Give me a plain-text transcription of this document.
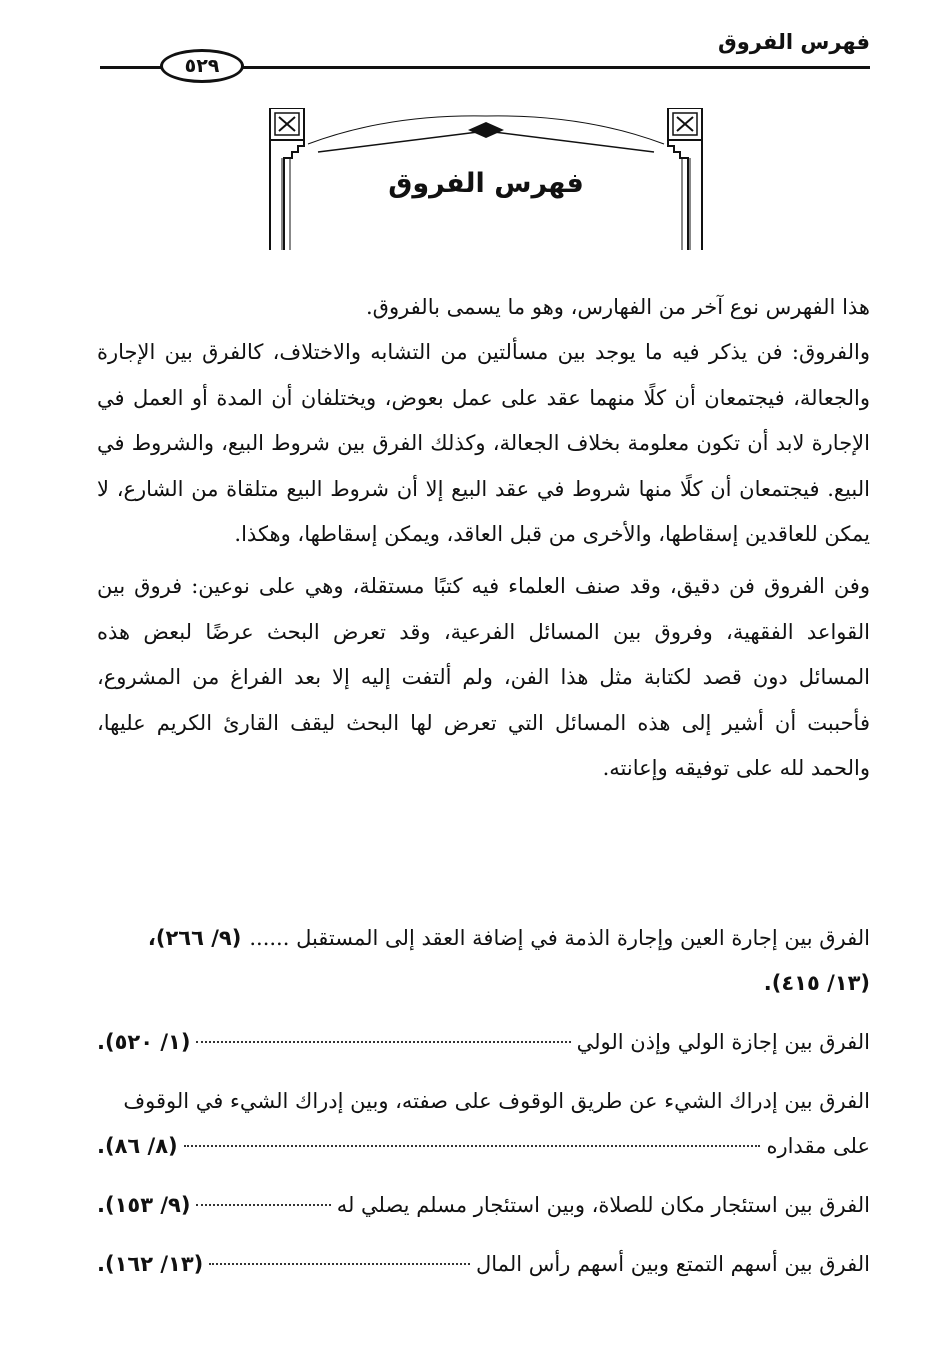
فهرس الفروق
٥٢٩
فهرس الفروق

هذا الفهرس نوع آخر من الفهارس، وهو ما يسمى بالفروق.

والفروق: فن يذكر فيه ما يوجد بين مسألتين من التشابه والاختلاف، كالفرق بين الإجارة والجعالة، فيجتمعان أن كلًا منهما عقد على عمل بعوض، ويختلفان أن المدة أو العمل في الإجارة لابد أن تكون معلومة بخلاف الجعالة، وكذلك الفرق بين شروط البيع، والشروط في البيع. فيجتمعان أن كلًا منها شروط في عقد البيع إلا أن شروط البيع متلقاة من الشارع، لا يمكن للعاقدين إسقاطها، والأخرى من قبل العاقد، ويمكن إسقاطها، وهكذا.

وفن الفروق فن دقيق، وقد صنف العلماء فيه كتبًا مستقلة، وهي على نوعين: فروق بين القواعد الفقهية، وفروق بين المسائل الفرعية، وقد تعرض البحث عرضًا لبعض هذه المسائل دون قصد لكتابة مثل هذا الفن، ولم ألتفت إليه إلا بعد الفراغ من المشروع، فأحببت أن أشير إلى هذه المسائل التي تعرض لها البحث ليقف القارئ الكريم عليها، والحمد لله على توفيقه وإعانته.

الفرق بين إجارة العين وإجارة الذمة في إضافة العقد إلى المستقبل ......
(٩/ ٢٦٦)،
(١٣/ ٤١٥).
الفرق بين إجازة الولي وإذن الولي
(١/ ٥٢٠).
الفرق بين إدراك الشيء عن طريق الوقوف على صفته، وبين إدراك الشيء في الوقوف
على مقداره
(٨/ ٨٦).
الفرق بين استئجار مكان للصلاة، وبين استئجار مسلم يصلي له
(٩/ ١٥٣).
الفرق بين أسهم التمتع وبين أسهم رأس المال
(١٣/ ١٦٢).
